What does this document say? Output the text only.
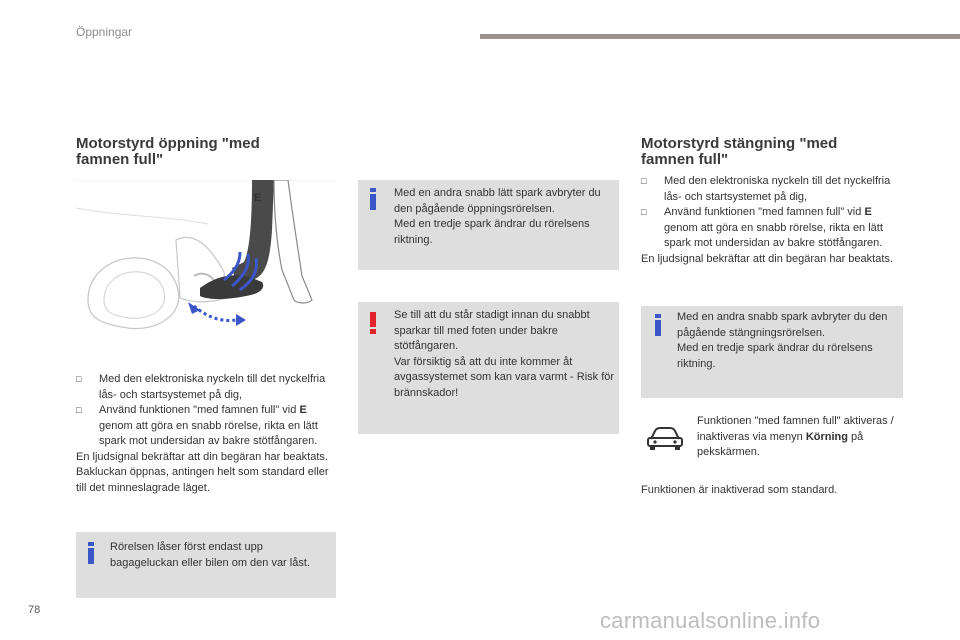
Öppningar
Motorstyrd öppning "med famnen full"
E
□ Med den elektroniska nyckeln till det nyckelfria lås- och startsystemet på dig,
□ Använd funktionen "med famnen full" vid E genom att göra en snabb rörelse, rikta en lätt spark mot undersidan av bakre stötfångaren.
En ljudsignal bekräftar att din begäran har beaktats.
Bakluckan öppnas, antingen helt som standard eller till det minneslagrade läget.
Rörelsen låser först endast upp bagageluckan eller bilen om den var låst.
Med en andra snabb lätt spark avbryter du den pågående öppningsrörelsen.
Med en tredje spark ändrar du rörelsens riktning.
Se till att du står stadigt innan du snabbt sparkar till med foten under bakre stötfångaren.
Var försiktig så att du inte kommer åt avgassystemet som kan vara varmt - Risk för brännskador!
Motorstyrd stängning "med famnen full"
□ Med den elektroniska nyckeln till det nyckelfria lås- och startsystemet på dig,
□ Använd funktionen "med famnen full" vid E genom att göra en snabb rörelse, rikta en lätt spark mot undersidan av bakre stötfångaren.
En ljudsignal bekräftar att din begäran har beaktats.
Med en andra snabb spark avbryter du den pågående stängningsrörelsen.
Med en tredje spark ändrar du rörelsens riktning.
Funktionen "med famnen full" aktiveras / inaktiveras via menyn Körning på pekskärmen.
Funktionen är inaktiverad som standard.
78	carmanualsonline.info
